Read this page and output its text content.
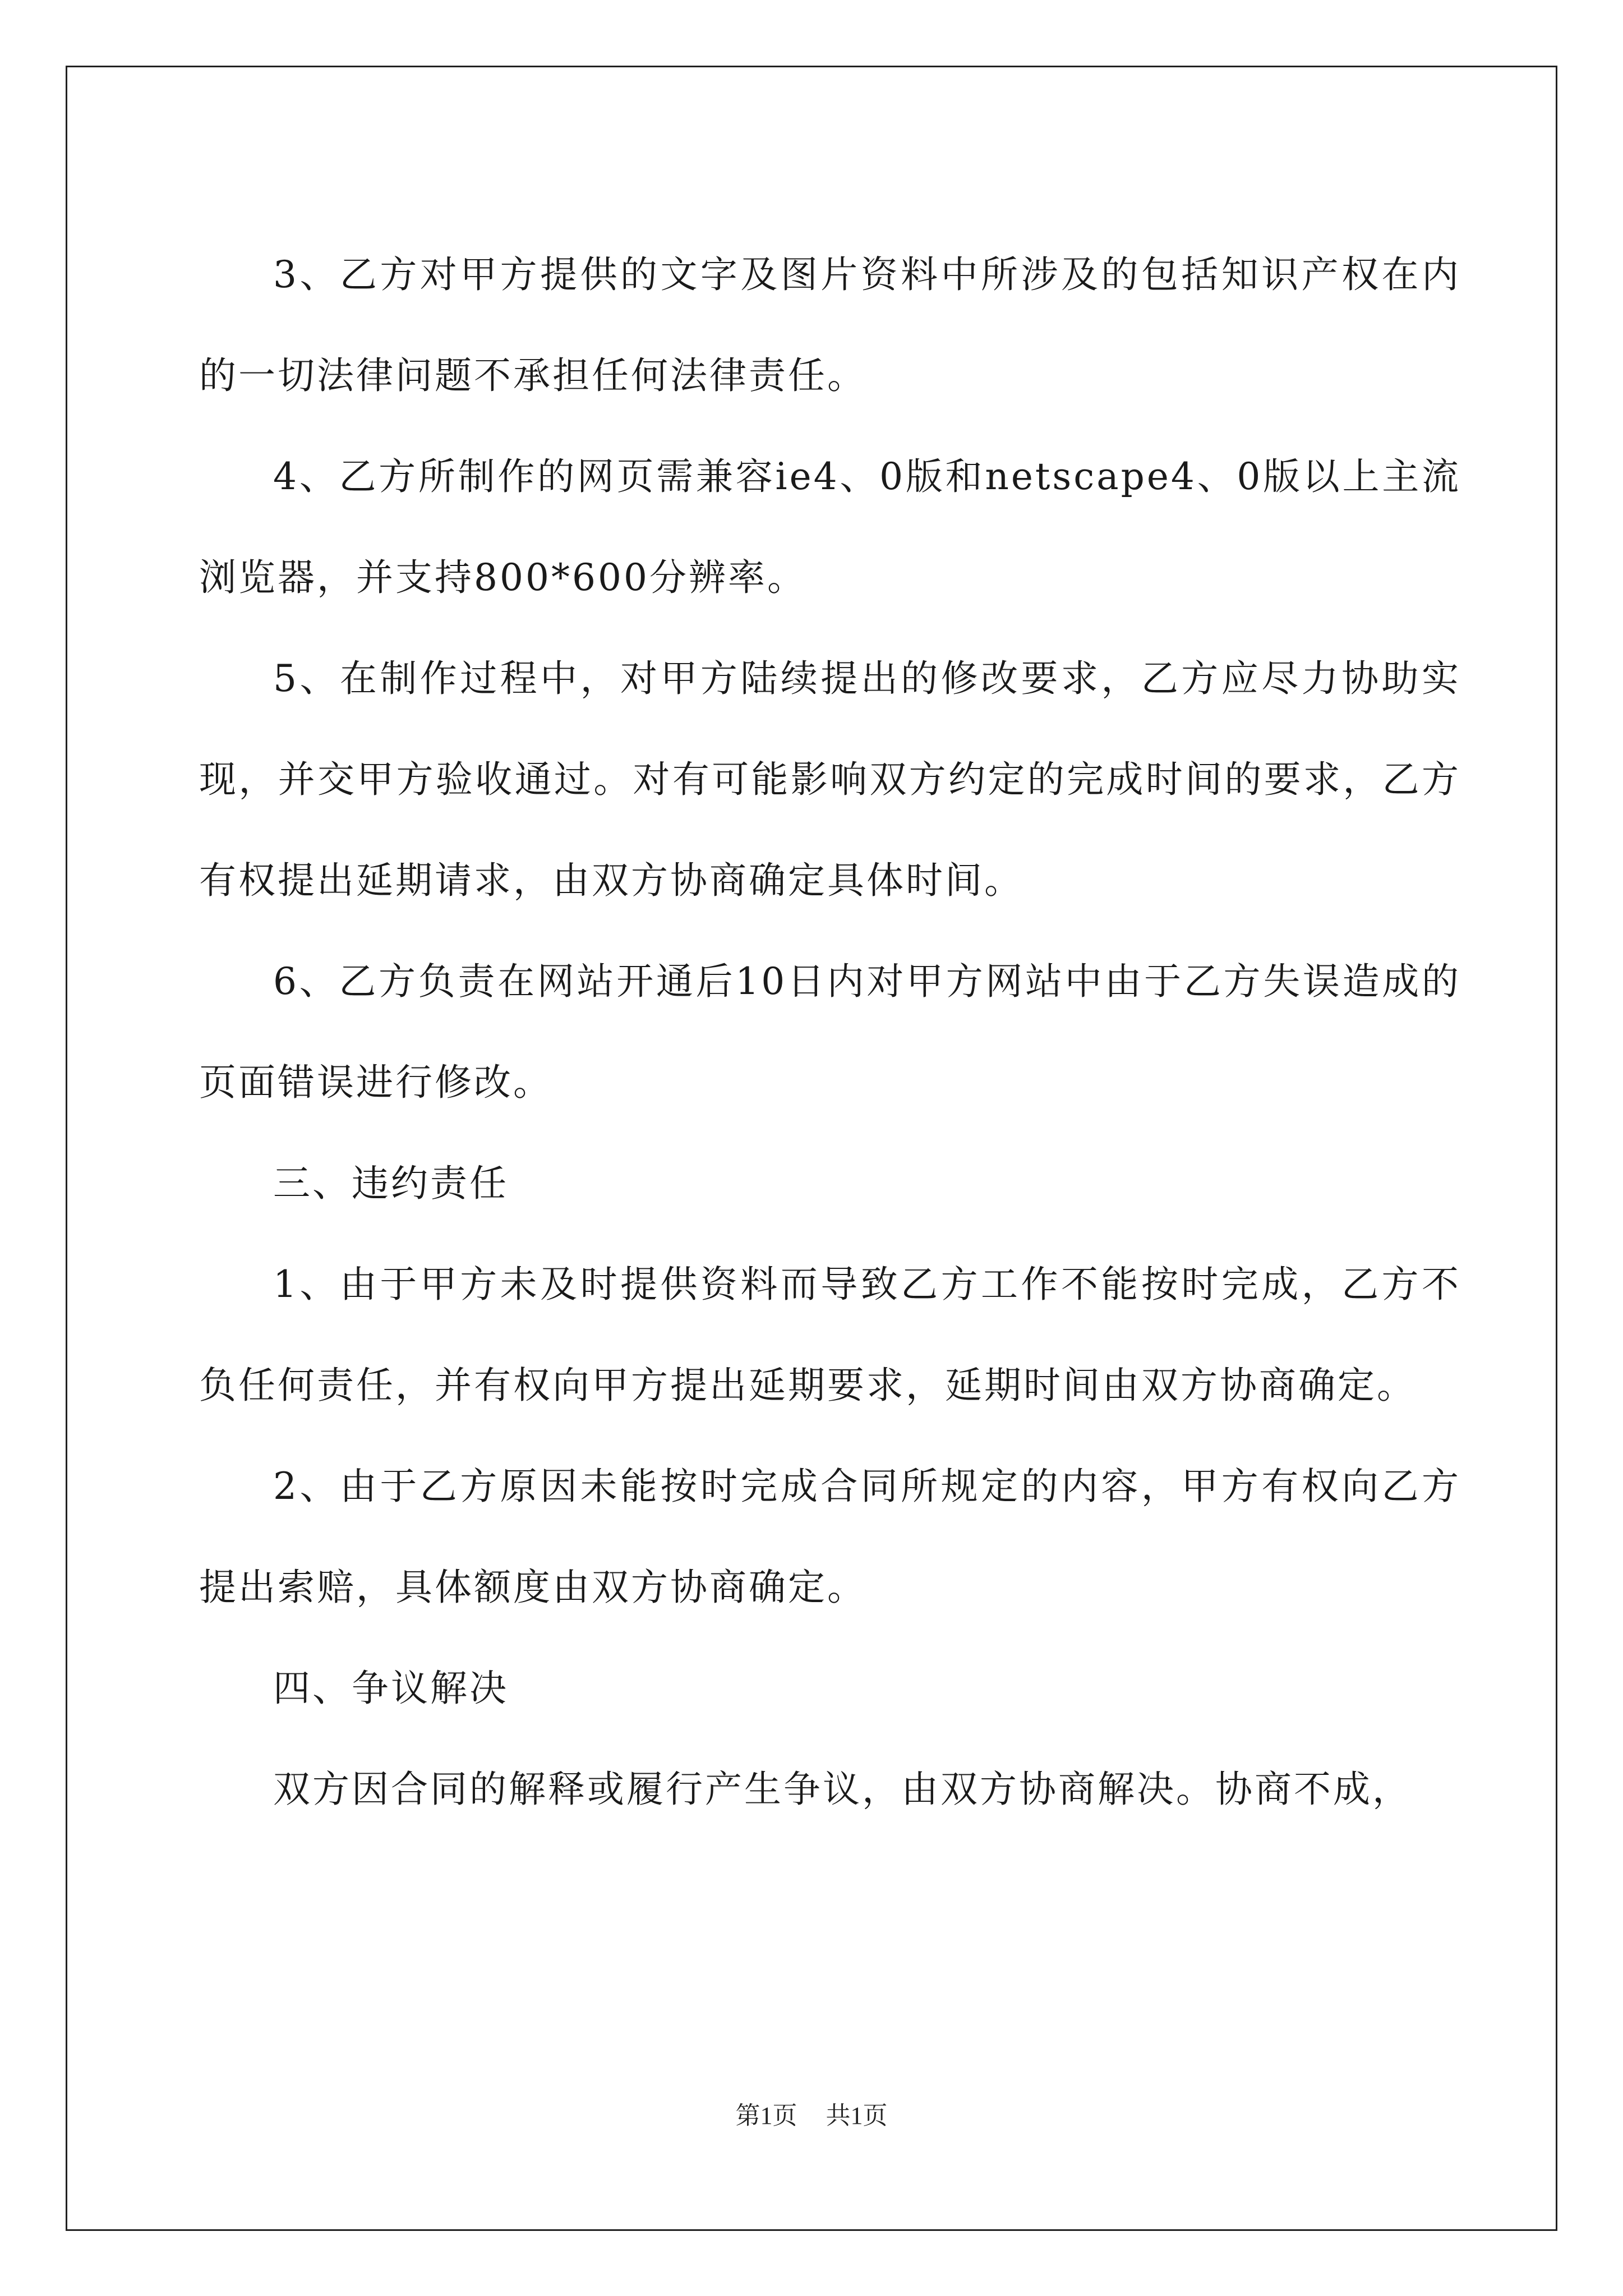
3、乙方对甲方提供的文字及图片资料中所涉及的包括知识产权在内的一切法律问题不承担任何法律责任。

4、乙方所制作的网页需兼容ie4、0版和netscape4、0版以上主流浏览器，并支持800*600分辨率。

5、在制作过程中，对甲方陆续提出的修改要求，乙方应尽力协助实现，并交甲方验收通过。对有可能影响双方约定的完成时间的要求，乙方有权提出延期请求，由双方协商确定具体时间。

6、乙方负责在网站开通后10日内对甲方网站中由于乙方失误造成的页面错误进行修改。

三、违约责任

1、由于甲方未及时提供资料而导致乙方工作不能按时完成，乙方不负任何责任，并有权向甲方提出延期要求，延期时间由双方协商确定。

2、由于乙方原因未能按时完成合同所规定的内容，甲方有权向乙方提出索赔，具体额度由双方协商确定。

四、争议解决

双方因合同的解释或履行产生争议，由双方协商解决。协商不成，

第1页 共1页
